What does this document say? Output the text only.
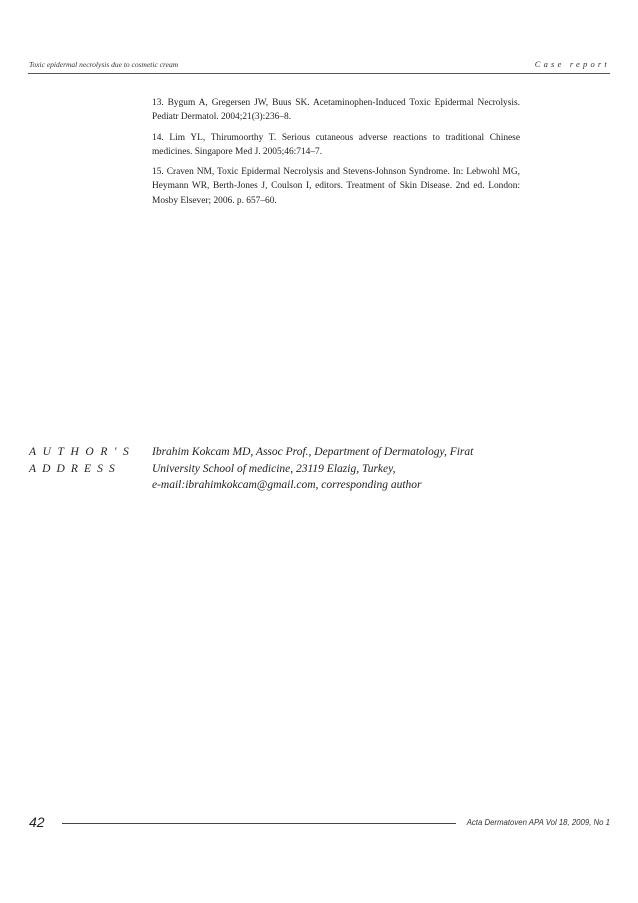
Toxic epidermal necrolysis due to cosmetic cream	Case report

13. Bygum A, Gregersen JW, Buus SK. Acetaminophen-Induced Toxic Epidermal Necrolysis. Pediatr Dermatol. 2004;21(3):236–8.

14. Lim YL, Thirumoorthy T. Serious cutaneous adverse reactions to traditional Chinese medicines. Singapore Med J. 2005;46:714–7.

15. Craven NM, Toxic Epidermal Necrolysis and Stevens-Johnson Syndrome. In: Lebwohl MG, Heymann WR, Berth-Jones J, Coulson I, editors. Treatment of Skin Disease. 2nd ed. London: Mosby Elsever; 2006. p. 657–60.

AUTHOR'S
ADDRESS
Ibrahim Kokcam MD, Assoc Prof., Department of Dermatology, Firat
University School of medicine, 23119 Elazig, Turkey,
e-mail:ibrahimkokcam@gmail.com, corresponding author
42	Acta Dermatoven APA Vol 18, 2009, No 1
